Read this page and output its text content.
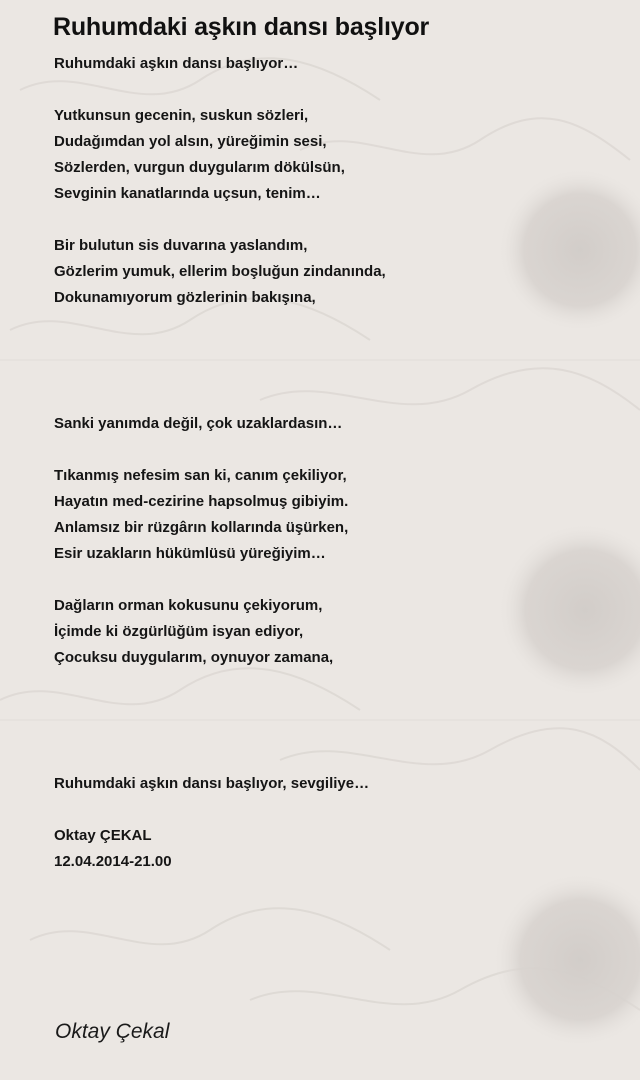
Ruhumdaki aşkın dansı başlıyor
Ruhumdaki aşkın dansı başlıyor…
Yutkunsun gecenin, suskun sözleri,
Dudağımdan yol alsın, yüreğimin sesi,
Sözlerden, vurgun duygularım dökülsün,
Sevginin kanatlarında uçsun, tenim…
Bir bulutun sis duvarına yaslandım,
Gözlerim yumuk, ellerim boşluğun zindanında,
Dokunamıyorum gözlerinin bakışına,
Sanki yanımda değil, çok uzaklardasın…
Tıkanmış nefesim san ki, canım çekiliyor,
Hayatın med-cezirine hapsolmuş gibiyim.
Anlamsız bir rüzgârın kollarında üşürken,
Esir uzakların hükümlüsü yüreğiyim…
Dağların orman kokusunu çekiyorum,
İçimde ki özgürlüğüm isyan ediyor,
Çocuksu duygularım, oynuyor zamana,
Ruhumdaki aşkın dansı başlıyor, sevgiliye…
Oktay ÇEKAL
12.04.2014-21.00
Oktay Çekal
